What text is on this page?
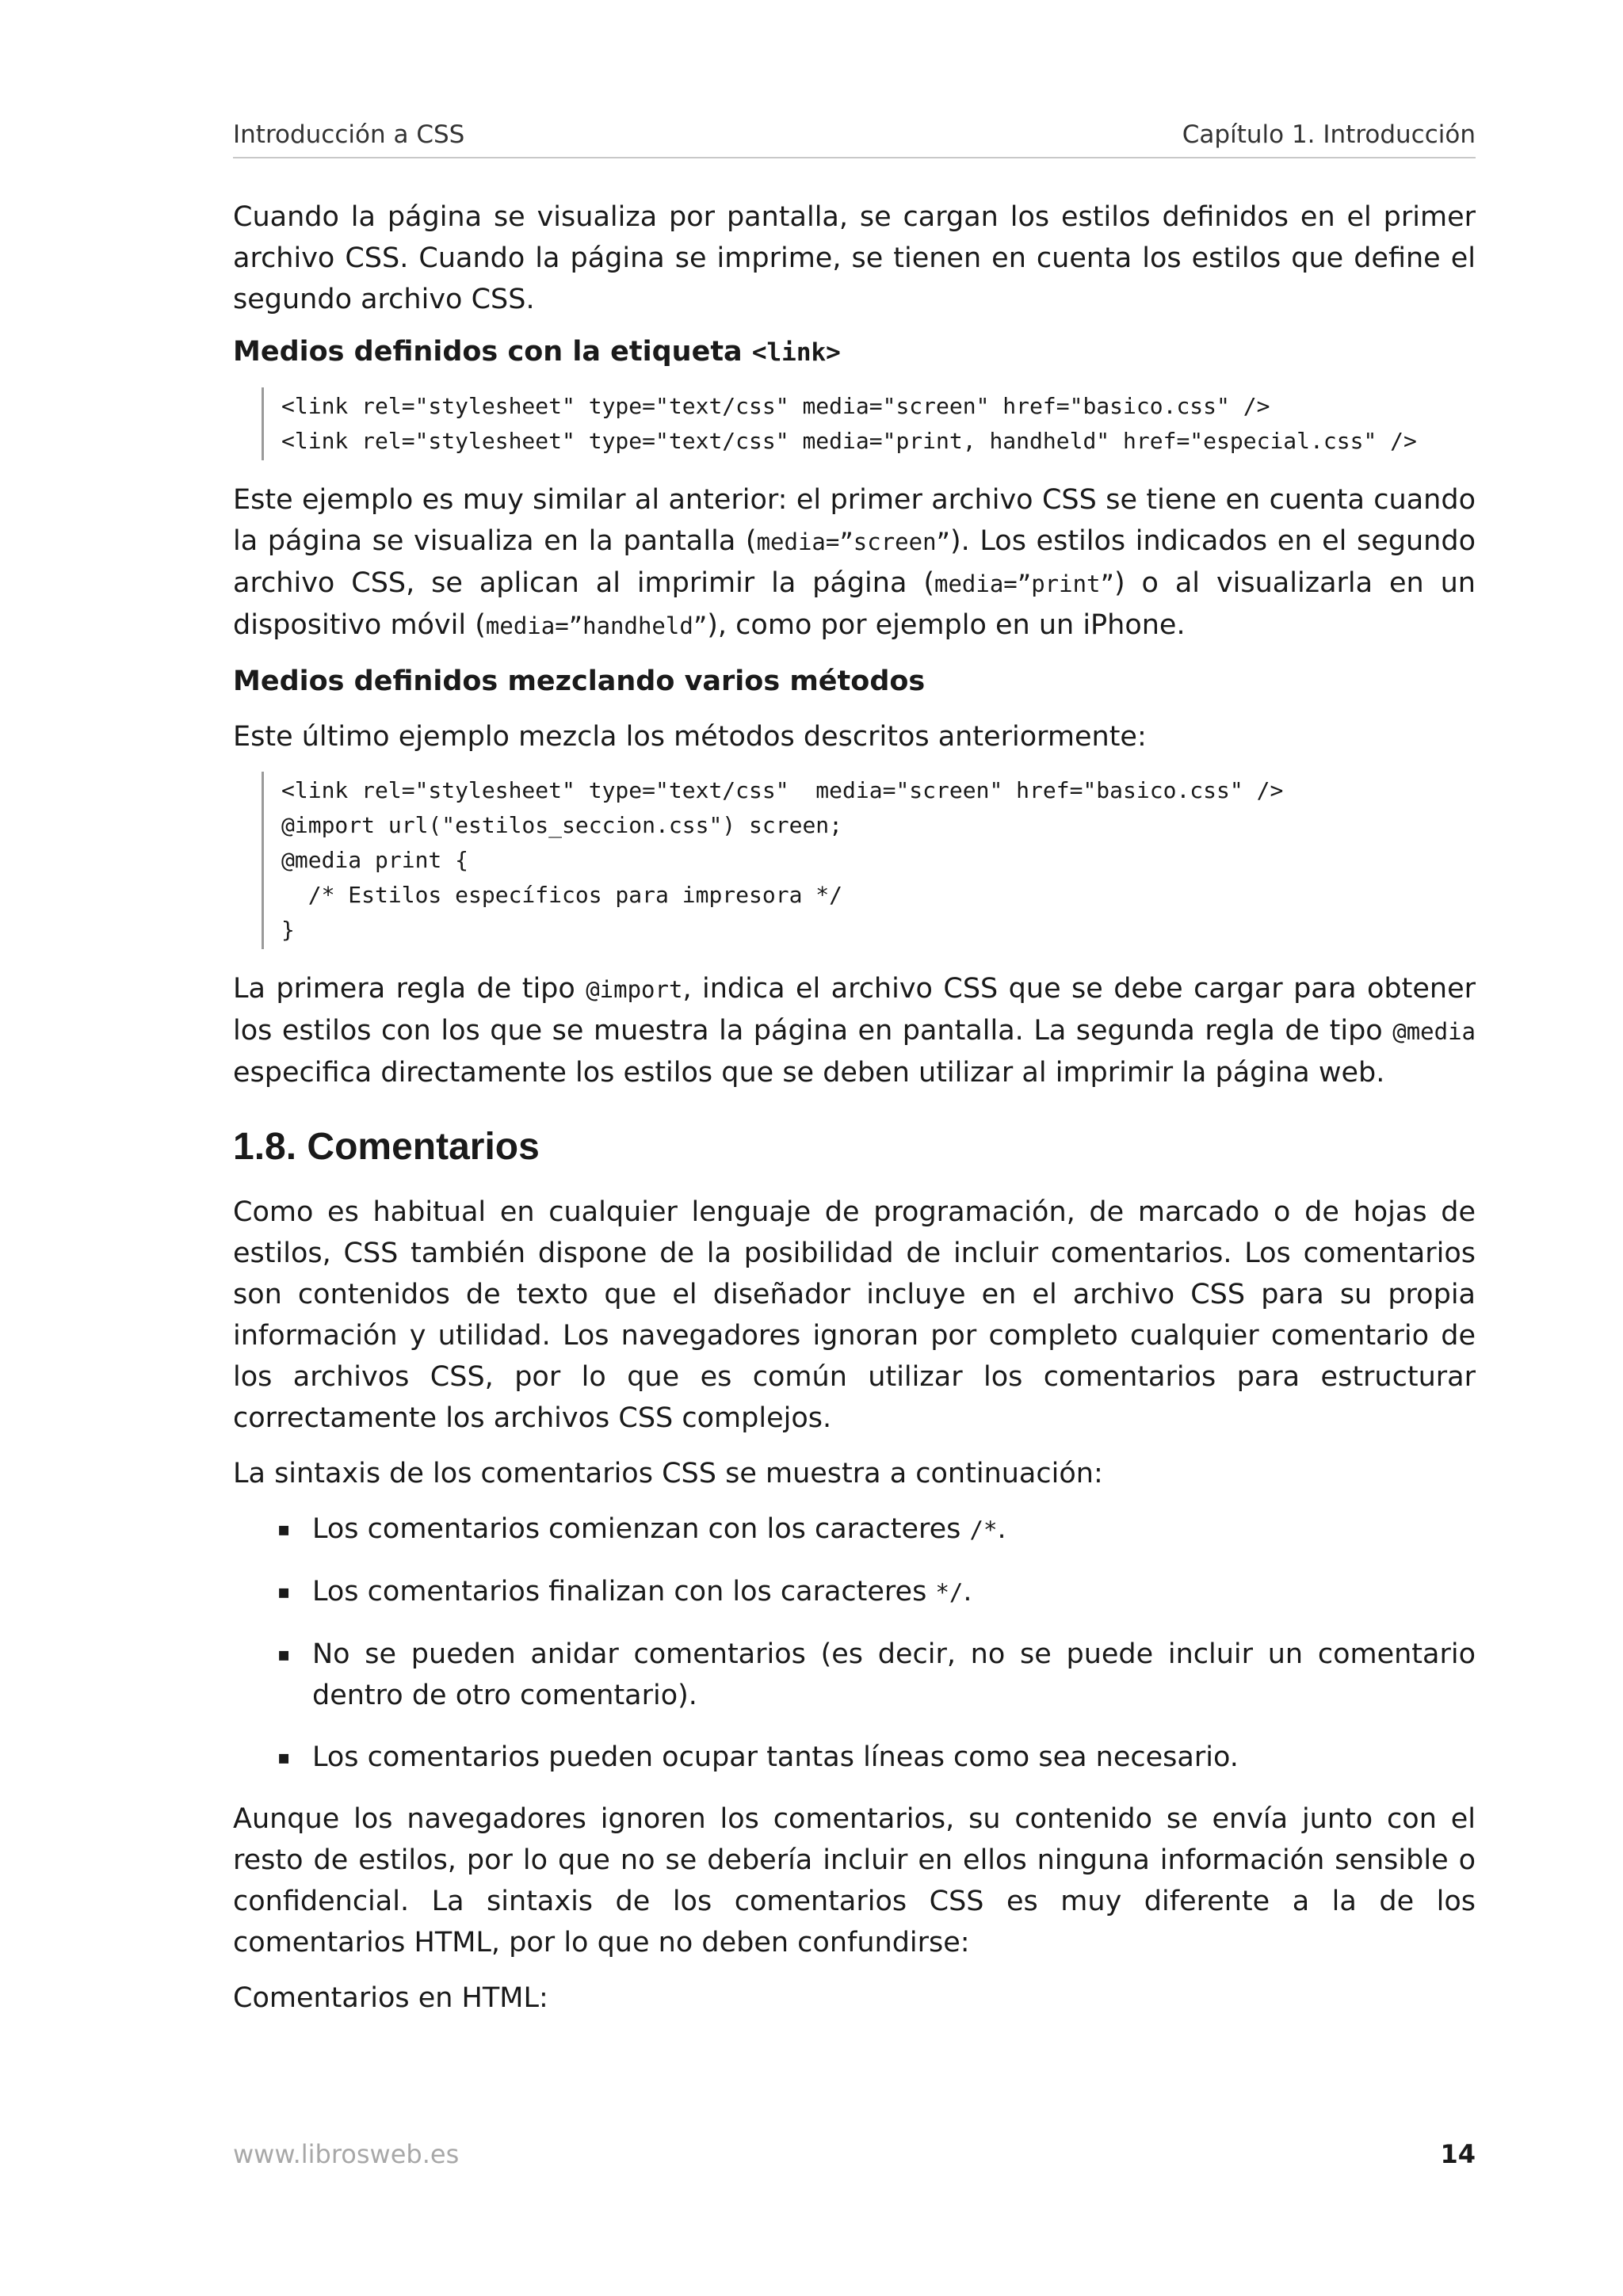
Introducción a CSS	Capítulo 1. Introducción

Cuando la página se visualiza por pantalla, se cargan los estilos definidos en el primer archivo CSS. Cuando la página se imprime, se tienen en cuenta los estilos que define el segundo archivo CSS.

Medios definidos con la etiqueta <link>
<link rel="stylesheet" type="text/css" media="screen" href="basico.css" />
<link rel="stylesheet" type="text/css" media="print, handheld" href="especial.css" />

Este ejemplo es muy similar al anterior: el primer archivo CSS se tiene en cuenta cuando la página se visualiza en la pantalla (media=”screen”). Los estilos indicados en el segundo archivo CSS, se aplican al imprimir la página (media=”print”) o al visualizarla en un dispositivo móvil (media=”handheld”), como por ejemplo en un iPhone.

Medios definidos mezclando varios métodos

Este último ejemplo mezcla los métodos descritos anteriormente:

<link rel="stylesheet" type="text/css"  media="screen" href="basico.css" />
@import url("estilos_seccion.css") screen;
@media print {
/* Estilos específicos para impresora */
}

La primera regla de tipo @import, indica el archivo CSS que se debe cargar para obtener los estilos con los que se muestra la página en pantalla. La segunda regla de tipo @media especifica directamente los estilos que se deben utilizar al imprimir la página web.

1.8. Comentarios

Como es habitual en cualquier lenguaje de programación, de marcado o de hojas de estilos, CSS también dispone de la posibilidad de incluir comentarios. Los comentarios son contenidos de texto que el diseñador incluye en el archivo CSS para su propia información y utilidad. Los navegadores ignoran por completo cualquier comentario de los archivos CSS, por lo que es común utilizar los comentarios para estructurar correctamente los archivos CSS complejos.

La sintaxis de los comentarios CSS se muestra a continuación:

▪ Los comentarios comienzan con los caracteres /*.
▪ Los comentarios finalizan con los caracteres */.
▪ No se pueden anidar comentarios (es decir, no se puede incluir un comentario dentro de otro comentario).
▪ Los comentarios pueden ocupar tantas líneas como sea necesario.

Aunque los navegadores ignoren los comentarios, su contenido se envía junto con el resto de estilos, por lo que no se debería incluir en ellos ninguna información sensible o confidencial. La sintaxis de los comentarios CSS es muy diferente a la de los comentarios HTML, por lo que no deben confundirse:

Comentarios en HTML:

www.librosweb.es	14
